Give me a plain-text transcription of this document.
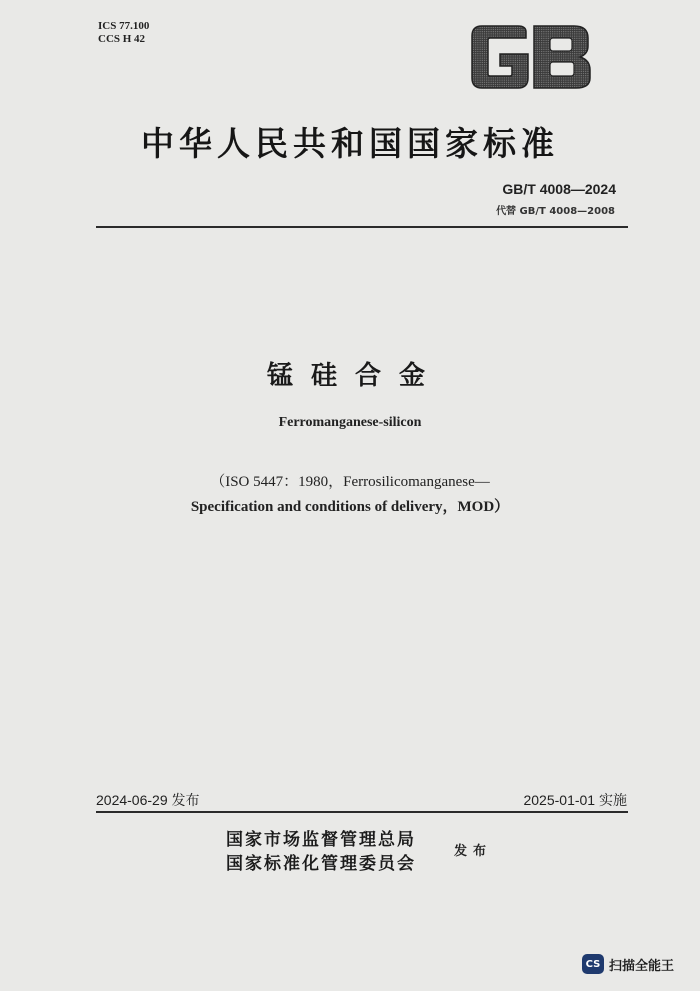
ICS 77.100
CCS H 42
中华人民共和国国家标准
GB/T 4008—2024
代替 GB/T 4008—2008
锰硅合金
Ferromanganese-silicon
（ISO 5447：1980，Ferrosilicomanganese—
Specification and conditions of delivery，MOD）
2024-06-29 发布	2025-01-01 实施
国家市场监督管理总局
国家标准化管理委员会
发布
CS 扫描全能王
